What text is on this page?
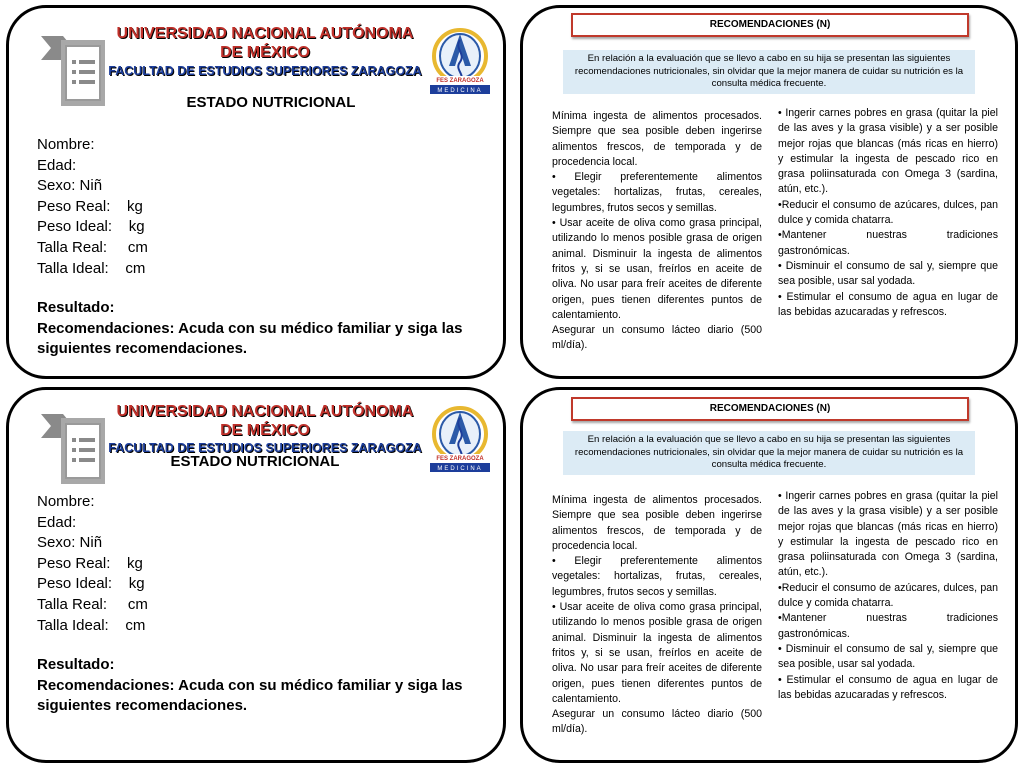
UNIVERSIDAD NACIONAL AUTÓNOMA DE MÉXICO
FACULTAD DE ESTUDIOS SUPERIORES ZARAGOZA
FES ZARAGOZA
MEDICINA
ESTADO NUTRICIONAL
Nombre:
Edad:
Sexo: Niñ
Peso Real:    kg
Peso Ideal:    kg
Talla Real:     cm
Talla Ideal:    cm
Resultado:
Recomendaciones: Acuda con su médico familiar y siga las siguientes recomendaciones.
RECOMENDACIONES (N)
En relación a la evaluación que se llevo a cabo en su hija se presentan las siguientes recomendaciones nutricionales, sin olvidar que la mejor manera de cuidar su nutrición es la consulta médica frecuente.

Mínima ingesta de alimentos procesados. Siempre que sea posible deben ingerirse alimentos frescos, de temporada y de procedencia local.

• Elegir preferentemente alimentos vegetales: hortalizas, frutas, cereales, legumbres, frutos secos y semillas.

• Usar aceite de oliva como grasa principal, utilizando lo menos posible grasa de origen animal. Disminuir la ingesta de alimentos fritos y, si se usan, freírlos en aceite de oliva. No usar para freír aceites de diferente origen, pues tienen diferentes puntos de calentamiento.

Asegurar un consumo lácteo diario (500 ml/día).

• Ingerir carnes pobres en grasa (quitar la piel de las aves y la grasa visible) y a ser posible mejor rojas que blancas (más ricas en hierro) y estimular la ingesta de pescado rico en grasa poliinsaturada con Omega 3 (sardina, atún, etc.).

•Reducir el consumo de azúcares, dulces, pan dulce y comida chatarra.

•Mantener nuestras tradiciones gastronómicas.

• Disminuir el consumo de sal y, siempre que sea posible, usar sal yodada.

• Estimular el consumo de agua en lugar de las bebidas azucaradas y refrescos.

UNIVERSIDAD NACIONAL AUTÓNOMA DE MÉXICO
FACULTAD DE ESTUDIOS SUPERIORES ZARAGOZA
FES ZARAGOZA
MEDICINA
ESTADO NUTRICIONAL
Nombre:
Edad:
Sexo: Niñ
Peso Real:    kg
Peso Ideal:    kg
Talla Real:     cm
Talla Ideal:    cm
Resultado:
Recomendaciones: Acuda con su médico familiar y siga las siguientes recomendaciones.
RECOMENDACIONES (N)
En relación a la evaluación que se llevo a cabo en su hija se presentan las siguientes recomendaciones nutricionales, sin olvidar que la mejor manera de cuidar su nutrición es la consulta médica frecuente.

Mínima ingesta de alimentos procesados. Siempre que sea posible deben ingerirse alimentos frescos, de temporada y de procedencia local.

• Elegir preferentemente alimentos vegetales: hortalizas, frutas, cereales, legumbres, frutos secos y semillas.

• Usar aceite de oliva como grasa principal, utilizando lo menos posible grasa de origen animal. Disminuir la ingesta de alimentos fritos y, si se usan, freírlos en aceite de oliva. No usar para freír aceites de diferente origen, pues tienen diferentes puntos de calentamiento.

Asegurar un consumo lácteo diario (500 ml/día).

• Ingerir carnes pobres en grasa (quitar la piel de las aves y la grasa visible) y a ser posible mejor rojas que blancas (más ricas en hierro) y estimular la ingesta de pescado rico en grasa poliinsaturada con Omega 3 (sardina, atún, etc.).

•Reducir el consumo de azúcares, dulces, pan dulce y comida chatarra.

•Mantener nuestras tradiciones gastronómicas.

• Disminuir el consumo de sal y, siempre que sea posible, usar sal yodada.

• Estimular el consumo de agua en lugar de las bebidas azucaradas y refrescos.
